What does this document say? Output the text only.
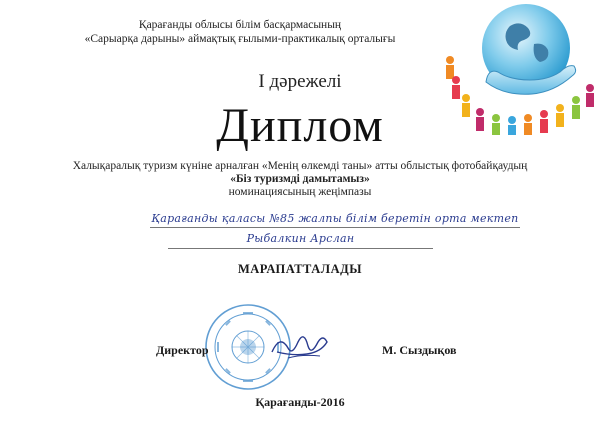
Қарағанды облысы білім басқармасының
«Сарыарқа дарыны» аймақтық ғылыми-практикалық орталығы
І дәрежелі
Диплом
Халықаралық туризм күніне арналған «Менің өлкемді таны» атты облыстық фотобайқаудың
«Біз туризмді дамытамыз»
номинациясының жеңімпазы
Қарағанды қаласы №85 жалпы білім беретін орта мектеп
Рыбалкин Арслан
МАРАПАТТАЛАДЫ
Директор	М. Сыздықов
Қарағанды-2016
